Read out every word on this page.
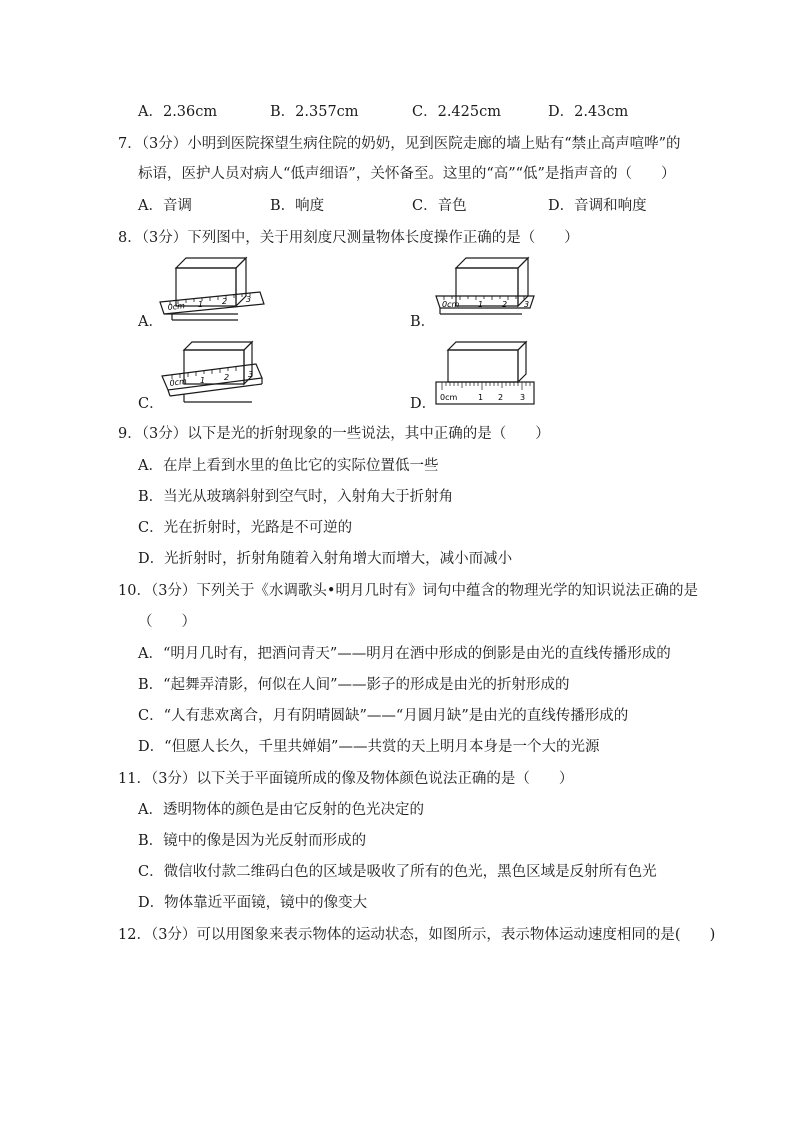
A．2.36cm	B．2.357cm	C．2.425cm	D．2.43cm
7．（3分）小明到医院探望生病住院的奶奶，见到医院走廊的墙上贴有“禁止高声喧哗”的
标语，医护人员对病人“低声细语”，关怀备至。这里的“高”“低”是指声音的（　　）
A．音调	B．响度	C．音色	D．音调和响度
8．（3分）下列图中，关于用刻度尺测量物体长度操作正确的是（　　）
A．
0cm 1 2 3
B．
0cm 1 2 3
C．
0cm 1 2 3
D． 0cm	1 2 3
9．（3分）以下是光的折射现象的一些说法，其中正确的是（　　）
A．在岸上看到水里的鱼比它的实际位置低一些
B．当光从玻璃斜射到空气时，入射角大于折射角
C．光在折射时，光路是不可逆的
D．光折射时，折射角随着入射角增大而增大，减小而减小
10．（3分）下列关于《水调歌头•明月几时有》词句中蕴含的物理光学的知识说法正确的是
（　　）
A．“明月几时有，把酒问青天”——明月在酒中形成的倒影是由光的直线传播形成的
B．“起舞弄清影，何似在人间”——影子的形成是由光的折射形成的
C．“人有悲欢离合，月有阴晴圆缺”——“月圆月缺”是由光的直线传播形成的
D．“但愿人长久，千里共婵娟”——共赏的天上明月本身是一个大的光源
11．（3分）以下关于平面镜所成的像及物体颜色说法正确的是（　　）
A．透明物体的颜色是由它反射的色光决定的
B．镜中的像是因为光反射而形成的
C．微信收付款二维码白色的区域是吸收了所有的色光，黑色区域是反射所有色光
D．物体靠近平面镜，镜中的像变大
12．（3分）可以用图象来表示物体的运动状态，如图所示，表示物体运动速度相同的是(　　)
